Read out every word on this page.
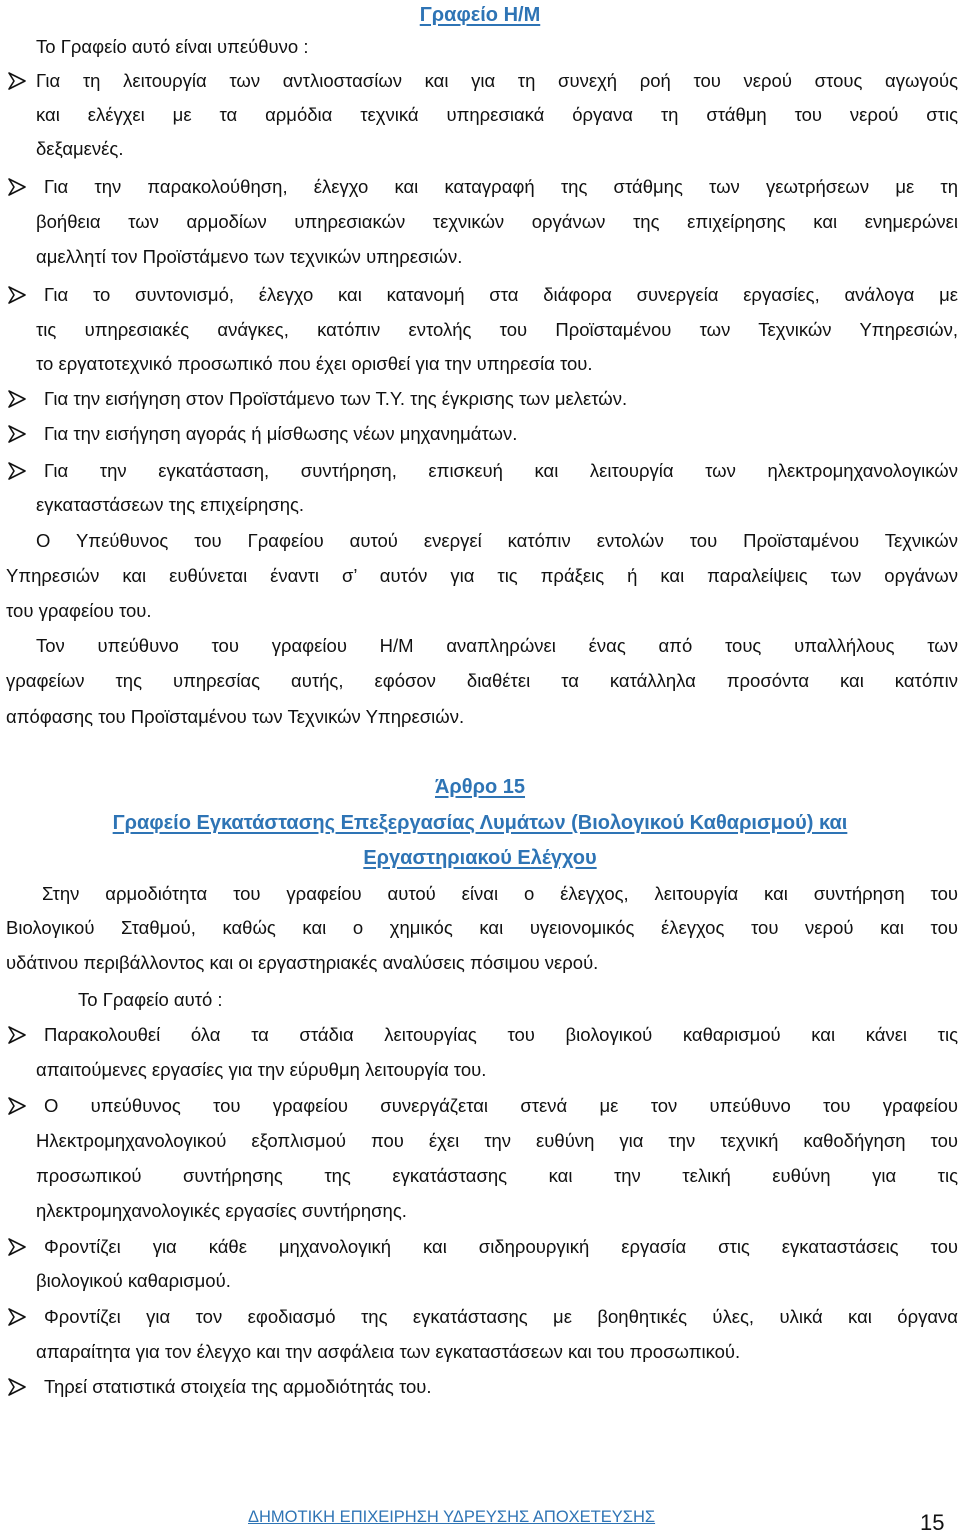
Γραφείο Η/Μ
Το Γραφείο αυτό είναι υπεύθυνο :
Για τη λειτουργία των αντλιοστασίων και για τη συνεχή ροή του νερού στους αγωγούς
και ελέγχει με τα αρμόδια τεχνικά υπηρεσιακά όργανα τη στάθμη του νερού στις
δεξαμενές.
Για την παρακολούθηση, έλεγχο και καταγραφή της στάθμης των γεωτρήσεων με τη
βοήθεια των αρμοδίων υπηρεσιακών τεχνικών οργάνων της επιχείρησης και ενημερώνει
αμελλητί τον Προϊστάμενο των τεχνικών υπηρεσιών.
Για το συντονισμό, έλεγχο και κατανομή στα διάφορα συνεργεία εργασίες, ανάλογα με
τις υπηρεσιακές ανάγκες, κατόπιν εντολής του Προϊσταμένου των Τεχνικών Υπηρεσιών,
το εργατοτεχνικό προσωπικό που έχει ορισθεί για την υπηρεσία του.
Για την εισήγηση στον Προϊστάμενο των Τ.Υ. της έγκρισης των μελετών.
Για την εισήγηση αγοράς ή μίσθωσης νέων μηχανημάτων.
Για την εγκατάσταση, συντήρηση, επισκευή και λειτουργία των ηλεκτρομηχανολογικών
εγκαταστάσεων της επιχείρησης.
Ο Υπεύθυνος του Γραφείου αυτού ενεργεί κατόπιν εντολών του Προϊσταμένου Τεχνικών
Υπηρεσιών και ευθύνεται έναντι σ’ αυτόν για τις πράξεις ή και παραλείψεις των οργάνων
του γραφείου του.
Τον υπεύθυνο του γραφείου Η/Μ αναπληρώνει ένας από τους υπαλλήλους των
γραφείων της υπηρεσίας αυτής, εφόσον διαθέτει τα κατάλληλα προσόντα και κατόπιν
απόφασης του Προϊσταμένου των Τεχνικών Υπηρεσιών.
Άρθρο 15
Γραφείο Εγκατάστασης Επεξεργασίας Λυμάτων (Βιολογικού Καθαρισμού) και
Εργαστηριακού Ελέγχου
Στην αρμοδιότητα του γραφείου αυτού είναι ο έλεγχος, λειτουργία και συντήρηση του
Βιολογικού Σταθμού, καθώς και ο χημικός και υγειονομικός έλεγχος του νερού και του
υδάτινου περιβάλλοντος και οι εργαστηριακές αναλύσεις πόσιμου νερού.
Το Γραφείο αυτό :
Παρακολουθεί όλα τα στάδια λειτουργίας του βιολογικού καθαρισμού και κάνει τις
απαιτούμενες εργασίες για την εύρυθμη λειτουργία του.
Ο υπεύθυνος του γραφείου συνεργάζεται στενά με τον υπεύθυνο του γραφείου
Ηλεκτρομηχανολογικού εξοπλισμού που έχει την ευθύνη για την τεχνική καθοδήγηση του
προσωπικού συντήρησης της εγκατάστασης και την τελική ευθύνη για τις
ηλεκτρομηχανολογικές εργασίες συντήρησης.
Φροντίζει για κάθε μηχανολογική και σιδηρουργική εργασία στις εγκαταστάσεις του
βιολογικού καθαρισμού.
Φροντίζει για τον εφοδιασμό της εγκατάστασης με βοηθητικές ύλες, υλικά και όργανα
απαραίτητα για τον έλεγχο και την ασφάλεια των εγκαταστάσεων και του προσωπικού.
Τηρεί στατιστικά στοιχεία της αρμοδιότητάς του.
ΔΗΜΟΤΙΚΗ ΕΠΙΧΕΙΡΗΣΗ ΥΔΡΕΥΣΗΣ ΑΠΟΧΕΤΕΥΣΗΣ	15
